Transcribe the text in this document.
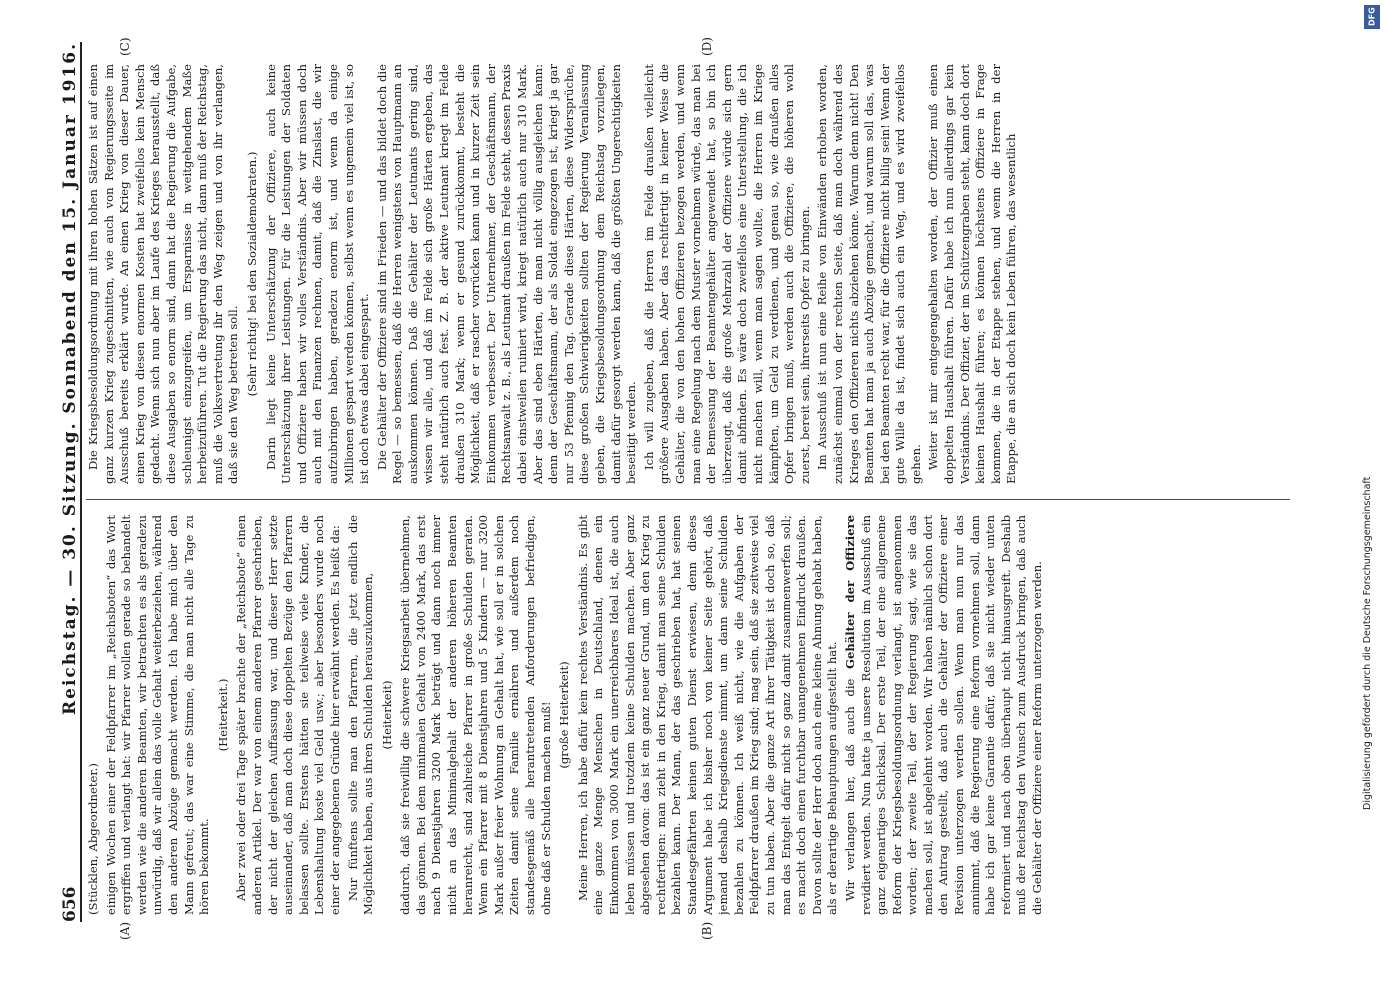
656
Reichstag. — 30. Sitzung. Sonnabend den 15. Januar 1916.
(A)	(B)
(C)	(D)

(Stücklen, Abgeordneter.) einigen Wochen einer der Feldpfarrer im „Reichsboten“ das Wort ergriffen und verlangt hat: wir Pfarrer wollen gerade so behandelt werden wie die anderen Beamten, wir betrachten es als geradezu unwürdig, daß wir allein das volle Gehalt weiterbeziehen, während den anderen Abzüge gemacht werden. Ich habe mich über den Mann gefreut; das war eine Stimme, die man nicht alle Tage zu hören bekommt.

(Heiterkeit.) Aber zwei oder drei Tage später brachte der „Reichsbote“ einen anderen Artikel. Der war von einem anderen Pfarrer geschrieben, der nicht der gleichen Auffassung war, und dieser Herr setzte auseinander, daß man doch diese doppelten Bezüge den Pfarrern belassen sollte. Erstens hätten sie teilweise viele Kinder, die Lebenshaltung koste viel Geld usw.; aber besonders wurde noch einer der angegebenen Gründe hier erwähnt werden. Es heißt da: Nur fünftens sollte man den Pfarrern, die jetzt endlich die Möglichkeit haben, aus ihren Schulden herauszukommen, (Heiterkeit) dadurch, daß sie freiwillig die schwere Kriegsarbeit übernehmen, das gönnen. Bei dem minimalen Gehalt von 2400 Mark, das erst nach 9 Dienstjahren 3200 Mark beträgt und dann noch immer nicht an das Minimalgehalt der anderen höheren Beamten heranreicht, sind zahlreiche Pfarrer in große Schulden geraten. Wenn ein Pfarrer mit 8 Dienstjahren und 5 Kindern — nur 3200 Mark außer freier Wohnung an Gehalt hat, wie soll er in solchen Zeiten damit seine Familie ernähren und außerdem noch standesgemäß alle herantretenden Anforderungen befriedigen, ohne daß er Schulden machen muß! (große Heiterkeit) Meine Herren, ich habe dafür kein rechtes Verständnis. Es gibt eine ganze Menge Menschen in Deutschland, denen ein Einkommen von 3000 Mark ein unerreichbares Ideal ist, die auch leben müssen und trotzdem keine Schulden machen. Aber ganz abgesehen davon: das ist ein ganz neuer Grund, um den Krieg zu rechtfertigen: man zieht in den Krieg, damit man seine Schulden bezahlen kann. Der Mann, der das geschrieben hat, hat seinen Standesgefährten keinen guten Dienst erwiesen, denn dieses Argument habe ich bisher noch von keiner Seite gehört, daß jemand deshalb Kriegsdienste nimmt, um dann seine Schulden bezahlen zu können. Ich weiß nicht, wie die Aufgaben der Feldpfarrer draußen im Krieg sind; mag sein, daß sie zeitweise viel zu tun haben. Aber die ganze Art ihrer Tätigkeit ist doch so, daß man das Entgelt dafür nicht so ganz damit zusammenwerfen soll; es macht doch einen furchtbar unangenehmen Eindruck draußen. Davon sollte der Herr doch auch eine kleine Ahnung gehabt haben, als er derartige Behauptungen aufgestellt hat. Wir verlangen hier, daß auch die Gehälter der Offiziere revidiert werden. Nun hatte ja unsere Resolution im Ausschuß ein ganz eigenartiges Schicksal. Der erste Teil, der eine allgemeine Reform der Kriegsbesoldungsordnung verlangt, ist angenommen worden; der zweite Teil, der der Regierung sagt, wie sie das machen soll, ist abgelehnt worden. Wir haben nämlich schon dort den Antrag gestellt, daß auch die Gehälter der Offiziere einer Revision unterzogen werden sollen. Wenn man nun nur das annimmt, daß die Regierung eine Reform vornehmen soll, dann habe ich gar keine Garantie dafür, daß sie nicht wieder unten reformiert und nach oben überhaupt nicht hinausgreift. Deshalb muß der Reichstag den Wunsch zum Ausdruck bringen, daß auch die Gehälter der Offiziere einer Reform unterzogen werden.

Die Kriegsbesoldungsordnung mit ihren hohen Sätzen ist auf einen ganz kurzen Krieg zugeschnitten, wie auch von Regierungsseite im Ausschuß bereits erklärt wurde. An einen Krieg von dieser Dauer, einen Krieg von diesen enormen Kosten hat zweifellos kein Mensch gedacht. Wenn sich nun aber im Laufe des Krieges herausstellt, daß diese Ausgaben so enorm sind, dann hat die Regierung die Aufgabe, schleunigst einzugreifen, um Ersparnisse in weitgehendem Maße herbeizuführen. Tut die Regierung das nicht, dann muß der Reichstag, muß die Volksvertretung ihr den Weg zeigen und von ihr verlangen, daß sie den Weg betreten soll. (Sehr richtig! bei den Sozialdemokraten.) Darin liegt keine Unterschätzung der Offiziere, auch keine Unterschätzung ihrer Leistungen. Für die Leistungen der Soldaten und Offiziere haben wir volles Verständnis. Aber wir müssen doch auch mit den Finanzen rechnen, damit, daß die Zinslast, die wir aufzubringen haben, geradezu enorm ist, und wenn da einige Millionen gespart werden können, selbst wenn es ungemein viel ist, so ist doch etwas dabei eingespart. Die Gehälter der Offiziere sind im Frieden — und das bildet doch die Regel — so bemessen, daß die Herren wenigstens von Hauptmann an auskommen können. Daß die Gehälter der Leutnants gering sind, wissen wir alle, und daß im Felde sich große Härten ergeben, das steht natürlich auch fest. Z. B. der aktive Leutnant kriegt im Felde draußen 310 Mark; wenn er gesund zurückkommt, besteht die Möglichkeit, daß er rascher vorrücken kann und in kurzer Zeit sein Einkommen verbessert. Der Unternehmer, der Geschäftsmann, der Rechtsanwalt z. B., als Leutnant draußen im Felde steht, dessen Praxis dabei einstweilen ruiniert wird, kriegt natürlich auch nur 310 Mark. Aber das sind eben Härten, die man nicht völlig ausgleichen kann: denn der Geschäftsmann, der als Soldat eingezogen ist, kriegt ja gar nur 53 Pfennig den Tag. Gerade diese Härten, diese Widersprüche, diese großen Schwierigkeiten sollten der Regierung Veranlassung geben, die Kriegsbesoldungsordnung dem Reichstag vorzulegen, damit dafür gesorgt werden kann, daß die größten Ungerechtigkeiten beseitigt werden. Ich will zugeben, daß die Herren im Felde draußen vielleicht größere Ausgaben haben. Aber das rechtfertigt in keiner Weise die Gehälter, die von den hohen Offizieren bezogen werden, und wenn man eine Regelung nach dem Muster vornehmen würde, das man bei der Bemessung der Beamtengehälter angewendet hat, so bin ich überzeugt, daß die große Mehrzahl der Offiziere würde sich gern damit abfinden. Es wäre doch zweifellos eine Unterstellung, die ich nicht machen will, wenn man sagen wollte, die Herren im Kriege kämpften, um Geld zu verdienen, und genau so, wie draußen alles Opfer bringen muß, werden auch die Offiziere, die höheren wohl zuerst, bereit sein, ihrerseits Opfer zu bringen. Im Ausschuß ist nun eine Reihe von Einwänden erhoben worden, zunächst einmal von der rechten Seite, daß man doch während des Krieges den Offizieren nichts abziehen könne. Warum denn nicht! Den Beamten hat man ja auch Abzüge gemacht, und warum soll das, was bei den Beamten recht war, für die Offiziere nicht billig sein! Wenn der gute Wille da ist, findet sich auch ein Weg, und es wird zweifellos gehen. Weiter ist mir entgegengehalten worden, der Offizier muß einen doppelten Haushalt führen. Dafür habe ich nun allerdings gar kein Verständnis. Der Offizier, der im Schützengraben steht, kann doch dort keinen Haushalt führen; es können höchstens Offiziere in Frage kommen, die in der Etappe stehen, und wenn die Herren in der Etappe, die an sich doch kein Leben führen, das wesentlich

DFG
Digitalisierung gefördert durch die Deutsche Forschungsgemeinschaft
